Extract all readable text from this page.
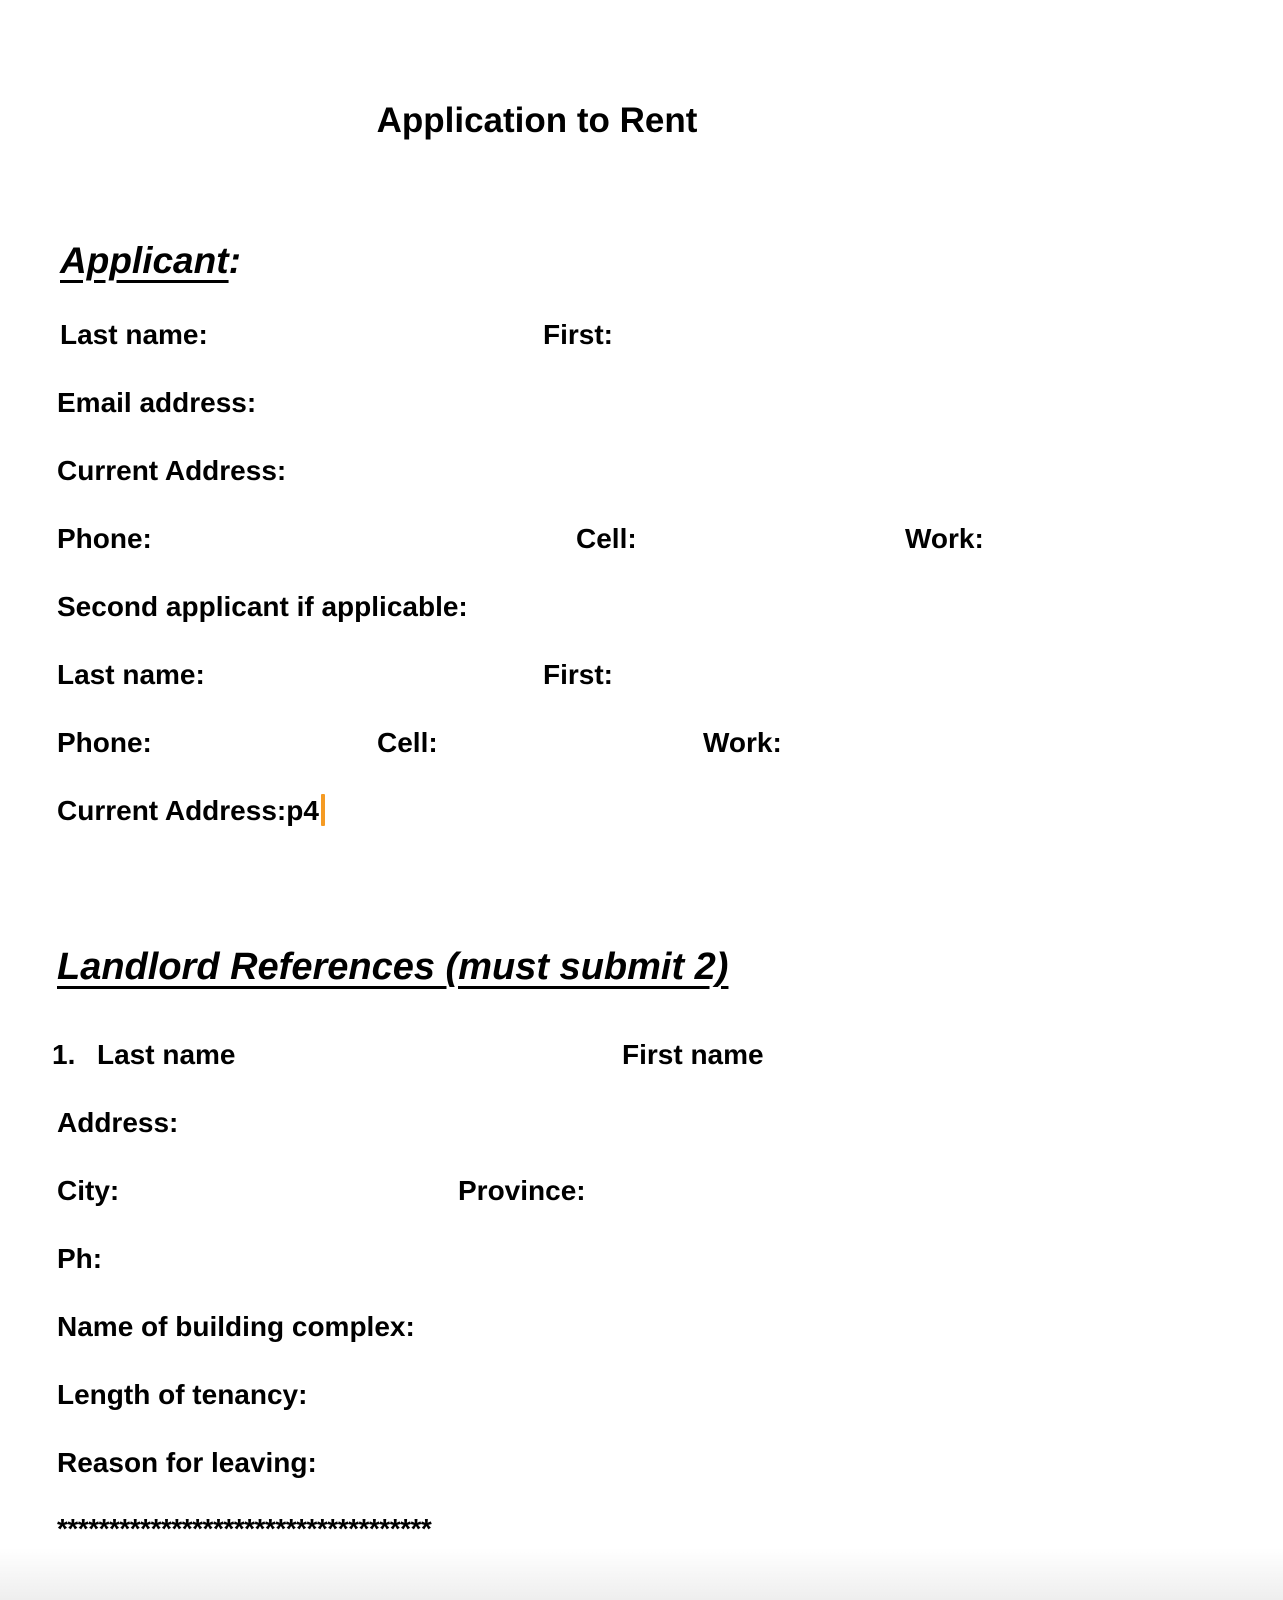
Application to Rent
Applicant:
Last name:	First:
Email address:
Current Address:
Phone:	Cell:	Work:
Second applicant if applicable:
Last name:	First:
Phone:	Cell:	Work:
Current Address:p4
Landlord References (must submit 2)
1. Last name	First name
Address:
City:	Province:
Ph:
Name of building complex:
Length of tenancy:
Reason for leaving:
************************************
